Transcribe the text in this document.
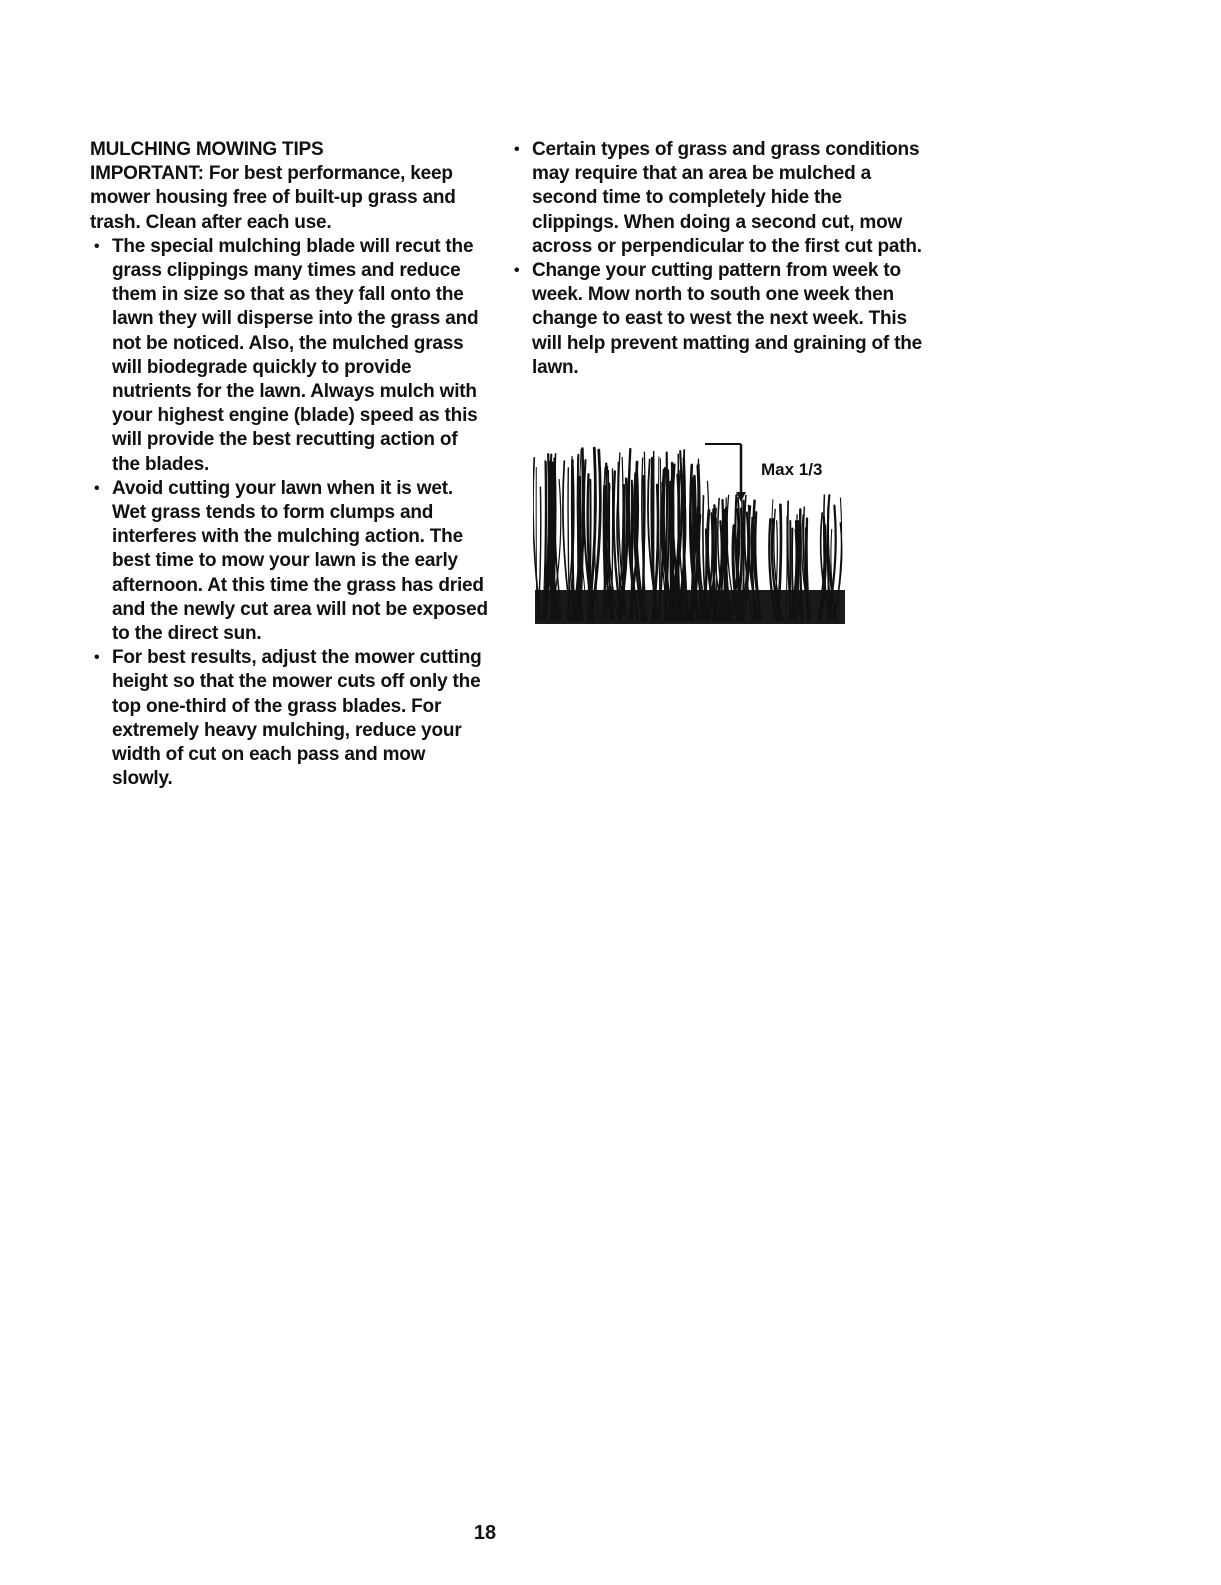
MULCHING MOWING TIPS

IMPORTANT: For best performance, keep mower housing free of built-up grass and trash. Clean after each use.

• The special mulching blade will recut the grass clippings many times and reduce them in size so that as they fall onto the lawn they will disperse into the grass and not be noticed. Also, the mulched grass will biodegrade quickly to provide nutrients for the lawn. Always mulch with your highest engine (blade) speed as this will provide the best recutting action of the blades.
• Avoid cutting your lawn when it is wet. Wet grass tends to form clumps and interferes with the mulching action. The best time to mow your lawn is the early afternoon. At this time the grass has dried and the newly cut area will not be exposed to the direct sun.
• For best results, adjust the mower cutting height so that the mower cuts off only the top one-third of the grass blades. For extremely heavy mulching, reduce your width of cut on each pass and mow slowly.
• Certain types of grass and grass conditions may require that an area be mulched a second time to completely hide the clippings. When doing a second cut, mow across or perpendicular to the first cut path.
• Change your cutting pattern from week to week. Mow north to south one week then change to east to west the next week. This will help prevent matting and graining of the lawn.
Max 1/3
18
